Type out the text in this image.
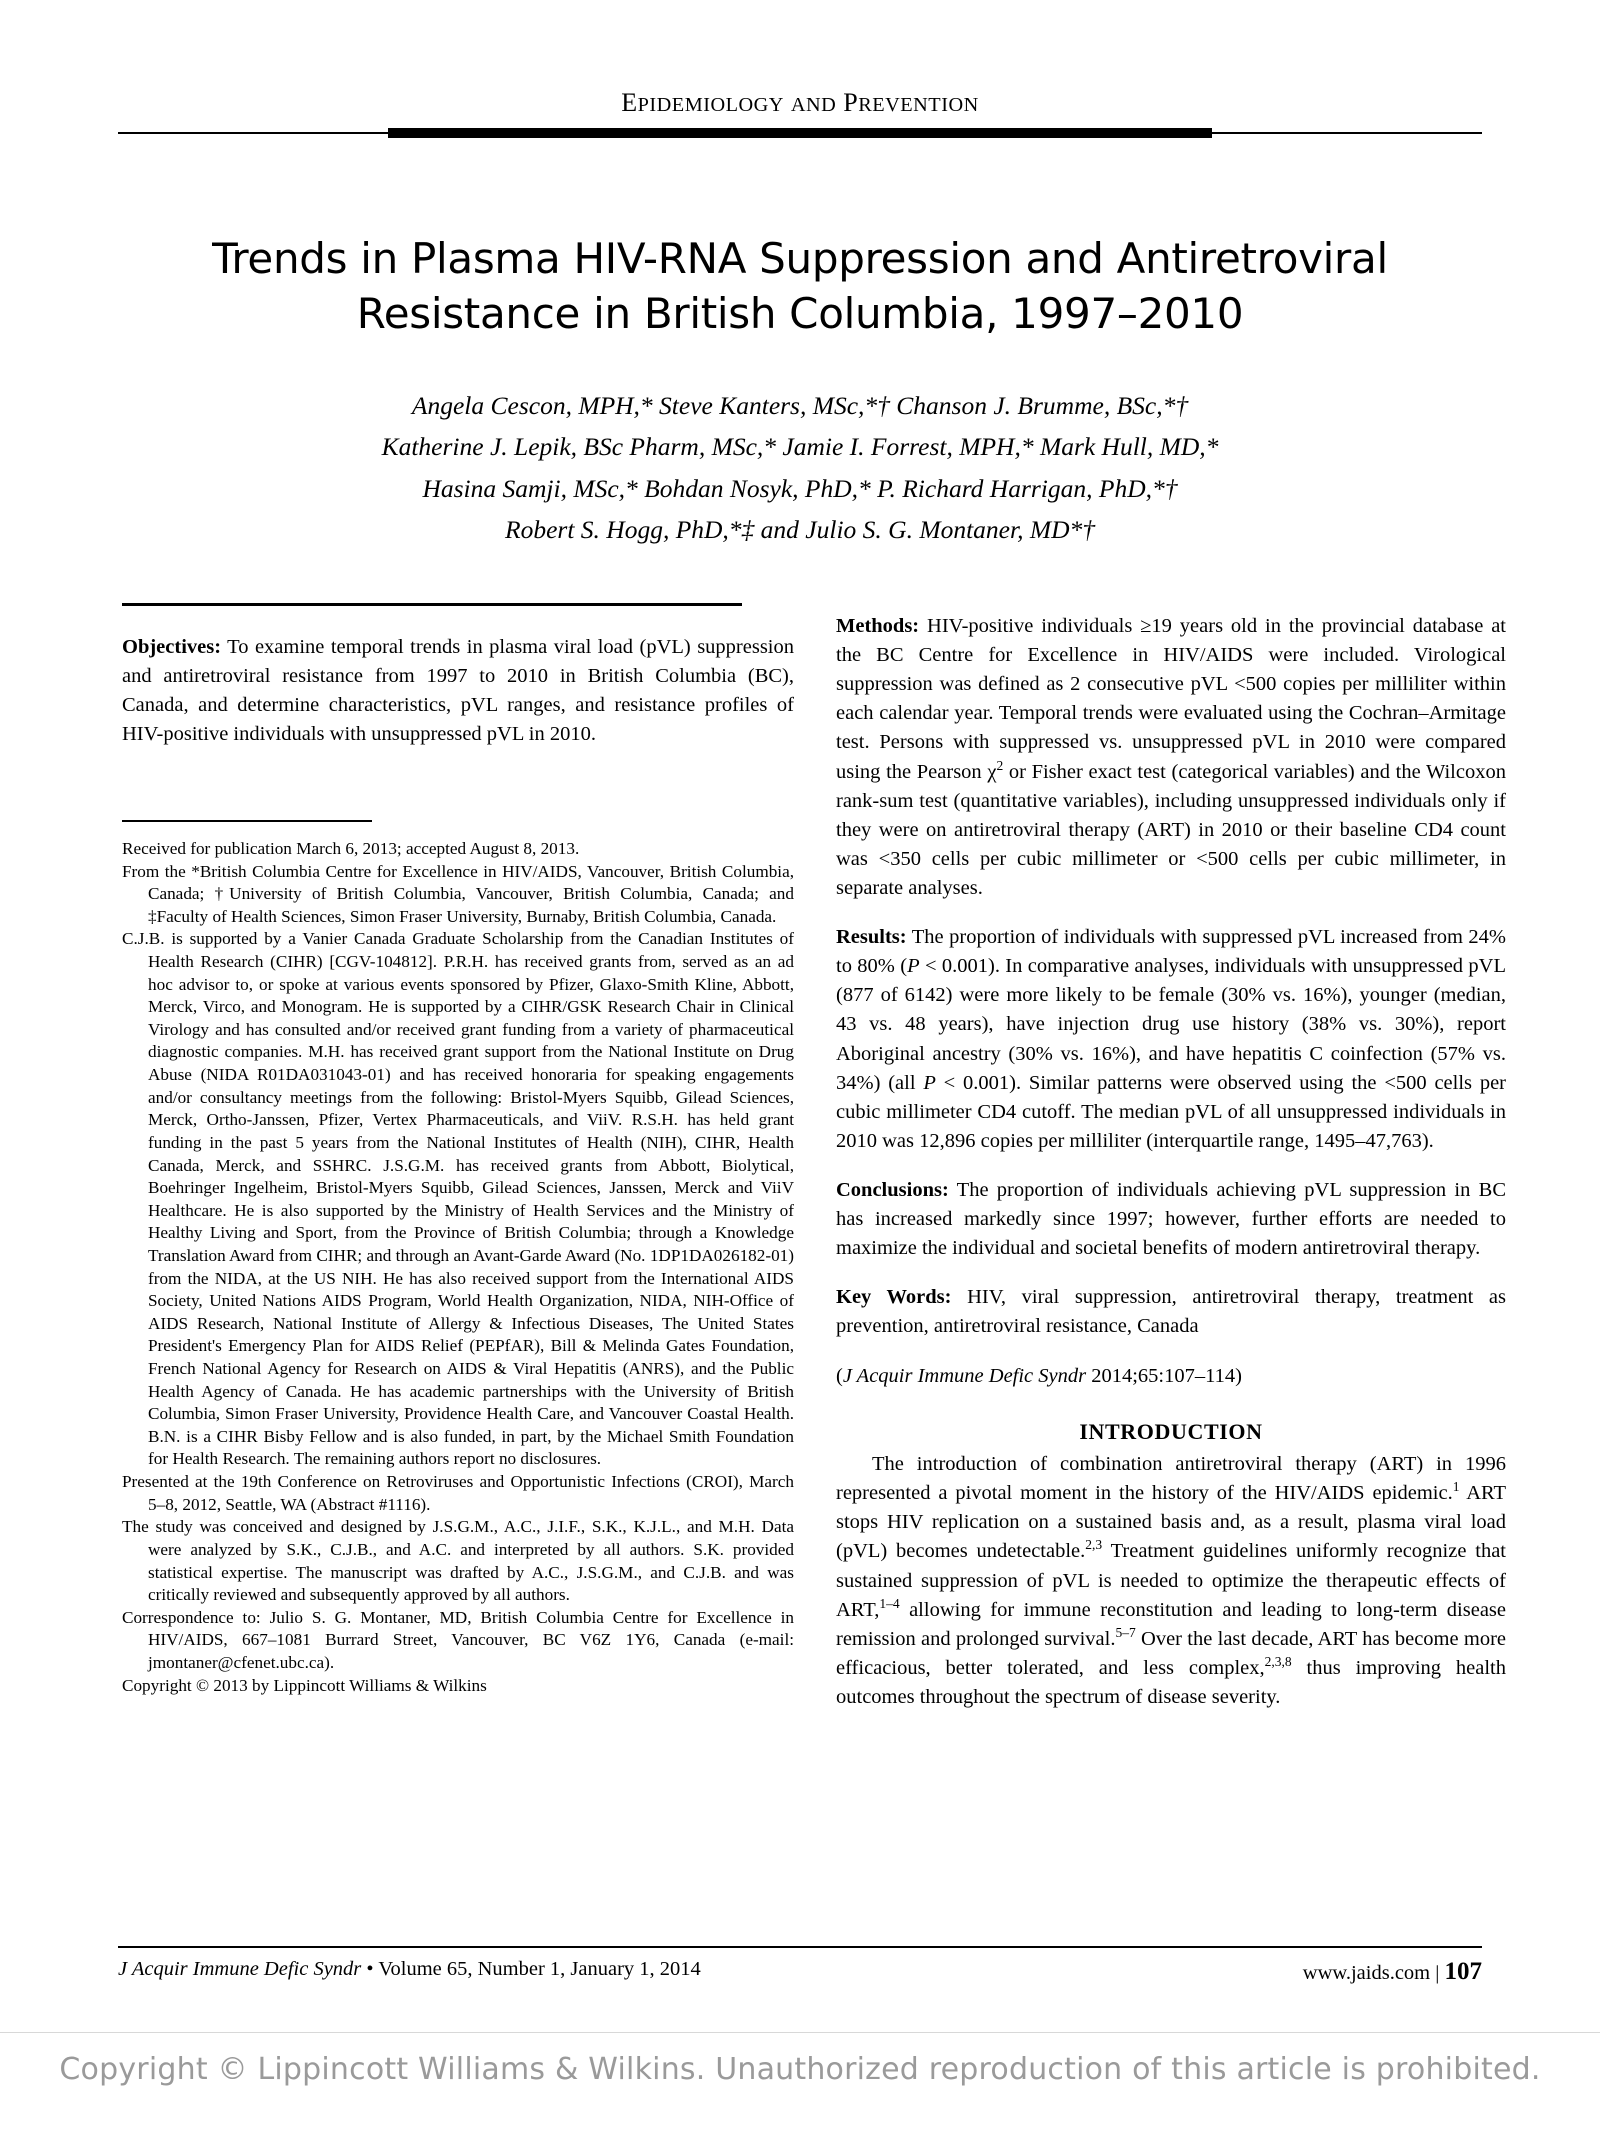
EPIDEMIOLOGY AND PREVENTION
Trends in Plasma HIV-RNA Suppression and Antiretroviral Resistance in British Columbia, 1997–2010
Angela Cescon, MPH,* Steve Kanters, MSc,*† Chanson J. Brumme, BSc,*†
Katherine J. Lepik, BSc Pharm, MSc,* Jamie I. Forrest, MPH,* Mark Hull, MD,*
Hasina Samji, MSc,* Bohdan Nosyk, PhD,* P. Richard Harrigan, PhD,*†
Robert S. Hogg, PhD,*‡ and Julio S. G. Montaner, MD*†

Objectives: To examine temporal trends in plasma viral load (pVL) suppression and antiretroviral resistance from 1997 to 2010 in British Columbia (BC), Canada, and determine characteristics, pVL ranges, and resistance profiles of HIV-positive individuals with unsuppressed pVL in 2010.

Received for publication March 6, 2013; accepted August 8, 2013.

From the *British Columbia Centre for Excellence in HIV/AIDS, Vancouver, British Columbia, Canada; †University of British Columbia, Vancouver, British Columbia, Canada; and ‡Faculty of Health Sciences, Simon Fraser University, Burnaby, British Columbia, Canada.

C.J.B. is supported by a Vanier Canada Graduate Scholarship from the Canadian Institutes of Health Research (CIHR) [CGV-104812]. P.R.H. has received grants from, served as an ad hoc advisor to, or spoke at various events sponsored by Pfizer, Glaxo-Smith Kline, Abbott, Merck, Virco, and Monogram. He is supported by a CIHR/GSK Research Chair in Clinical Virology and has consulted and/or received grant funding from a variety of pharmaceutical diagnostic companies. M.H. has received grant support from the National Institute on Drug Abuse (NIDA R01DA031043-01) and has received honoraria for speaking engagements and/or consultancy meetings from the following: Bristol-Myers Squibb, Gilead Sciences, Merck, Ortho-Janssen, Pfizer, Vertex Pharmaceuticals, and ViiV. R.S.H. has held grant funding in the past 5 years from the National Institutes of Health (NIH), CIHR, Health Canada, Merck, and SSHRC. J.S.G.M. has received grants from Abbott, Biolytical, Boehringer Ingelheim, Bristol-Myers Squibb, Gilead Sciences, Janssen, Merck and ViiV Healthcare. He is also supported by the Ministry of Health Services and the Ministry of Healthy Living and Sport, from the Province of British Columbia; through a Knowledge Translation Award from CIHR; and through an Avant-Garde Award (No. 1DP1DA026182-01) from the NIDA, at the US NIH. He has also received support from the International AIDS Society, United Nations AIDS Program, World Health Organization, NIDA, NIH-Office of AIDS Research, National Institute of Allergy & Infectious Diseases, The United States President's Emergency Plan for AIDS Relief (PEPfAR), Bill & Melinda Gates Foundation, French National Agency for Research on AIDS & Viral Hepatitis (ANRS), and the Public Health Agency of Canada. He has academic partnerships with the University of British Columbia, Simon Fraser University, Providence Health Care, and Vancouver Coastal Health. B.N. is a CIHR Bisby Fellow and is also funded, in part, by the Michael Smith Foundation for Health Research. The remaining authors report no disclosures.

Presented at the 19th Conference on Retroviruses and Opportunistic Infections (CROI), March 5–8, 2012, Seattle, WA (Abstract #1116).

The study was conceived and designed by J.S.G.M., A.C., J.I.F., S.K., K.J.L., and M.H. Data were analyzed by S.K., C.J.B., and A.C. and interpreted by all authors. S.K. provided statistical expertise. The manuscript was drafted by A.C., J.S.G.M., and C.J.B. and was critically reviewed and subsequently approved by all authors.

Correspondence to: Julio S. G. Montaner, MD, British Columbia Centre for Excellence in HIV/AIDS, 667–1081 Burrard Street, Vancouver, BC V6Z 1Y6, Canada (e-mail: jmontaner@cfenet.ubc.ca).

Copyright © 2013 by Lippincott Williams & Wilkins

Methods: HIV-positive individuals ≥19 years old in the provincial database at the BC Centre for Excellence in HIV/AIDS were included. Virological suppression was defined as 2 consecutive pVL <500 copies per milliliter within each calendar year. Temporal trends were evaluated using the Cochran–Armitage test. Persons with suppressed vs. unsuppressed pVL in 2010 were compared using the Pearson $\chi^2$ or Fisher exact test (categorical variables) and the Wilcoxon rank-sum test (quantitative variables), including unsuppressed individuals only if they were on antiretroviral therapy (ART) in 2010 or their baseline CD4 count was <350 cells per cubic millimeter or <500 cells per cubic millimeter, in separate analyses.
Results: The proportion of individuals with suppressed pVL increased from 24% to 80% (P < 0.001). In comparative analyses, individuals with unsuppressed pVL (877 of 6142) were more likely to be female (30% vs. 16%), younger (median, 43 vs. 48 years), have injection drug use history (38% vs. 30%), report Aboriginal ancestry (30% vs. 16%), and have hepatitis C coinfection (57% vs. 34%) (all P < 0.001). Similar patterns were observed using the <500 cells per cubic millimeter CD4 cutoff. The median pVL of all unsuppressed individuals in 2010 was 12,896 copies per milliliter (interquartile range, 1495–47,763).
Conclusions: The proportion of individuals achieving pVL suppression in BC has increased markedly since 1997; however, further efforts are needed to maximize the individual and societal benefits of modern antiretroviral therapy.
Key Words: HIV, viral suppression, antiretroviral therapy, treatment as prevention, antiretroviral resistance, Canada
(J Acquir Immune Defic Syndr 2014;65:107–114)
INTRODUCTION

The introduction of combination antiretroviral therapy (ART) in 1996 represented a pivotal moment in the history of the HIV/AIDS epidemic.$^1$ ART stops HIV replication on a sustained basis and, as a result, plasma viral load (pVL) becomes undetectable.$^{2,3}$ Treatment guidelines uniformly recognize that sustained suppression of pVL is needed to optimize the therapeutic effects of ART,$^{1-4}$ allowing for immune reconstitution and leading to long-term disease remission and prolonged survival.$^{5-7}$ Over the last decade, ART has become more efficacious, better tolerated, and less complex,$^{2,3,8}$ thus improving health outcomes throughout the spectrum of disease severity.

J Acquir Immune Defic Syndr • Volume 65, Number 1, January 1, 2014	www.jaids.com | 107
Copyright © Lippincott Williams & Wilkins. Unauthorized reproduction of this article is prohibited.
